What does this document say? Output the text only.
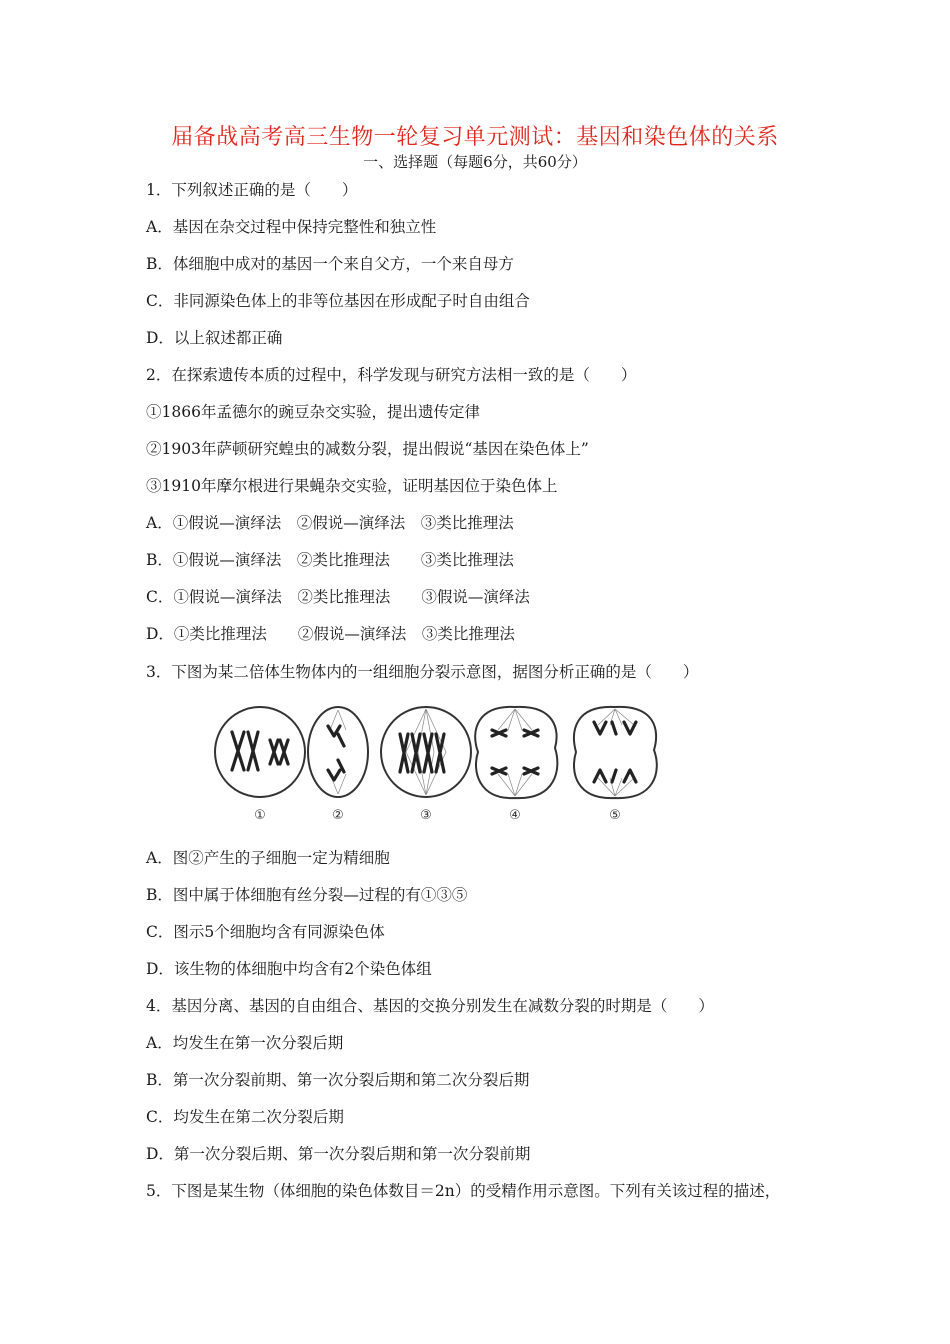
届备战高考高三生物一轮复习单元测试：基因和染色体的关系
一、选择题（每题6分，共60分）
1．下列叙述正确的是（　　）
A．基因在杂交过程中保持完整性和独立性
B．体细胞中成对的基因一个来自父方，一个来自母方
C．非同源染色体上的非等位基因在形成配子时自由组合
D．以上叙述都正确
2．在探索遗传本质的过程中，科学发现与研究方法相一致的是（　　）
①1866年孟德尔的豌豆杂交实验，提出遗传定律
②1903年萨顿研究蝗虫的减数分裂，提出假说“基因在染色体上”
③1910年摩尔根进行果蝇杂交实验，证明基因位于染色体上
A．①假说—演绎法　②假说—演绎法　③类比推理法
B．①假说—演绎法　②类比推理法　　③类比推理法
C．①假说—演绎法　②类比推理法　　③假说—演绎法
D．①类比推理法　　②假说—演绎法　③类比推理法
3．下图为某二倍体生物体内的一组细胞分裂示意图，据图分析正确的是（　　）
①	②	③	④	⑤
A．图②产生的子细胞一定为精细胞
B．图中属于体细胞有丝分裂—过程的有①③⑤
C．图示5个细胞均含有同源染色体
D．该生物的体细胞中均含有2个染色体组
4．基因分离、基因的自由组合、基因的交换分别发生在减数分裂的时期是（　　）
A．均发生在第一次分裂后期
B．第一次分裂前期、第一次分裂后期和第二次分裂后期
C．均发生在第二次分裂后期
D．第一次分裂后期、第一次分裂后期和第一次分裂前期
5．下图是某生物（体细胞的染色体数目＝2n）的受精作用示意图。下列有关该过程的描述，
